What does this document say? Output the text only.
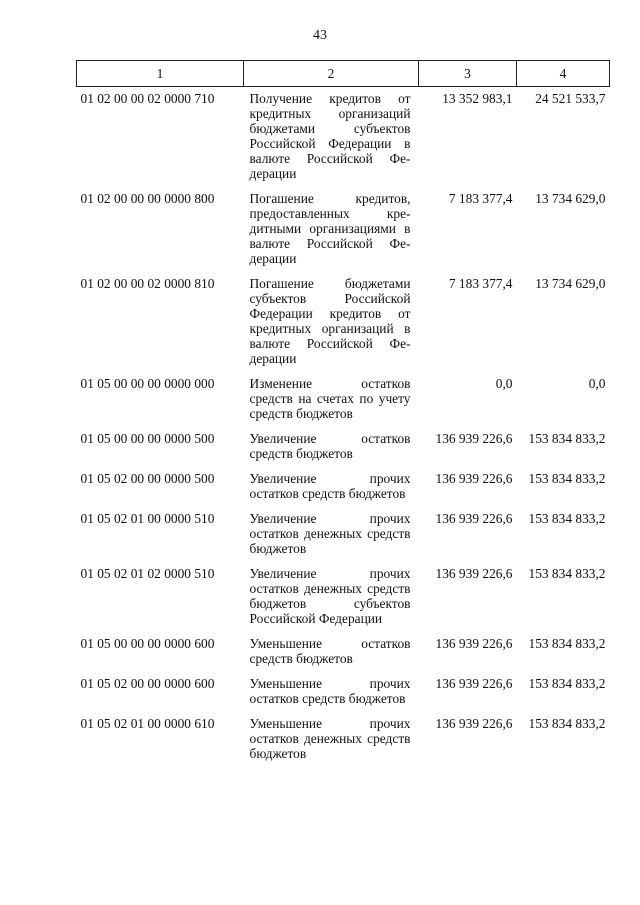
43
1	2	3	4
01 02 00 00 02 0000 710	Получение кредитов от кредитных организаций бюджетами субъектов Российской Федерации в валюте Российской Федерации	13 352 983,1	24 521 533,7
01 02 00 00 00 0000 800	Погашение кредитов, предоставленных кредитными организациями в валюте Российской Федерации	7 183 377,4	13 734 629,0
01 02 00 00 02 0000 810	Погашение бюджетами субъектов Российской Федерации кредитов от кредитных организаций в валюте Российской Федерации	7 183 377,4	13 734 629,0
01 05 00 00 00 0000 000	Изменение остатков средств на счетах по учету средств бюджетов	0,0	0,0
01 05 00 00 00 0000 500	Увеличение остатков средств бюджетов	136 939 226,6	153 834 833,2
01 05 02 00 00 0000 500	Увеличение прочих остатков средств бюджетов	136 939 226,6	153 834 833,2
01 05 02 01 00 0000 510	Увеличение прочих остатков денежных средств бюджетов	136 939 226,6	153 834 833,2
01 05 02 01 02 0000 510	Увеличение прочих остатков денежных средств бюджетов субъектов Российской Федерации	136 939 226,6	153 834 833,2
01 05 00 00 00 0000 600	Уменьшение остатков средств бюджетов	136 939 226,6	153 834 833,2
01 05 02 00 00 0000 600	Уменьшение прочих остатков средств бюджетов	136 939 226,6	153 834 833,2
01 05 02 01 00 0000 610	Уменьшение прочих остатков денежных средств бюджетов	136 939 226,6	153 834 833,2
